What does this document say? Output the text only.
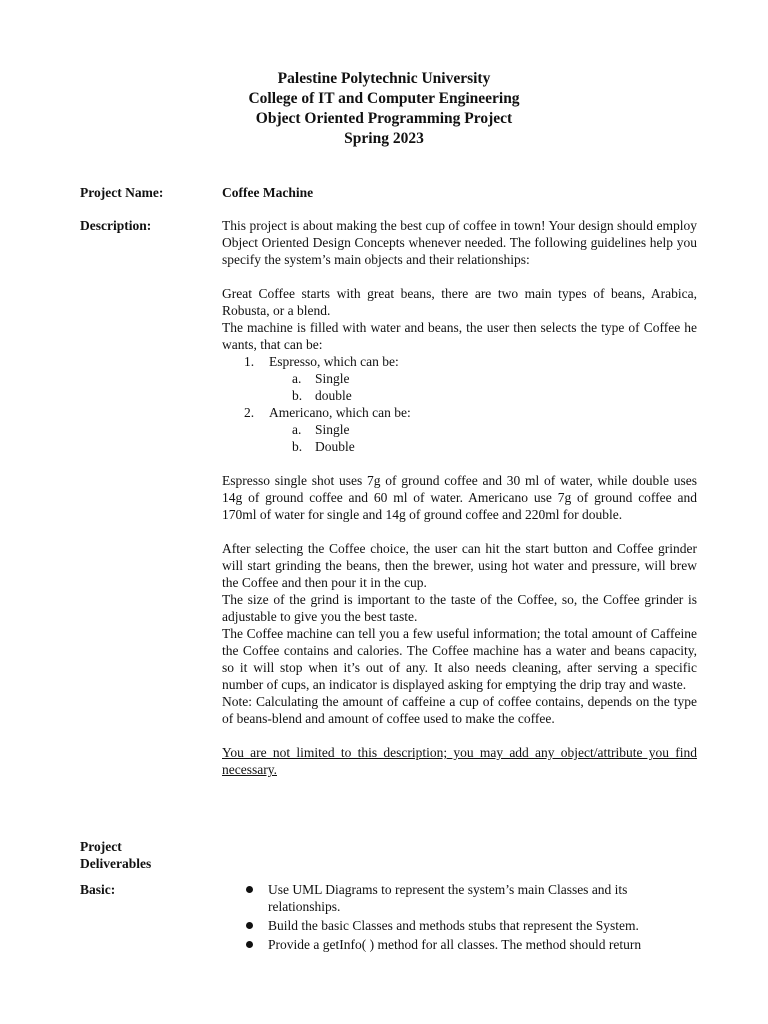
Palestine Polytechnic University
College of IT and Computer Engineering
Object Oriented Programming Project
Spring 2023
Project Name:	Coffee Machine
Description:	This project is about making the best cup of coffee in town! Your design should employ Object Oriented Design Concepts whenever needed. The following guidelines help you specify the system’s main objects and their relationships:

Great Coffee starts with great beans, there are two main types of beans, Arabica, Robusta, or a blend.

The machine is filled with water and beans, the user then selects the type of Coffee he wants, that can be:

1.	Espresso, which can be:
a. Single
b. double
2.	Americano, which can be:
a. Single
b. Double

Espresso single shot uses 7g of ground coffee and 30 ml of water, while double uses 14g of ground coffee and 60 ml of water. Americano use 7g of ground coffee and 170ml of water for single and 14g of ground coffee and 220ml for double.

After selecting the Coffee choice, the user can hit the start button and Coffee grinder will start grinding the beans, then the brewer, using hot water and pressure, will brew the Coffee and then pour it in the cup.

The size of the grind is important to the taste of the Coffee, so, the Coffee grinder is adjustable to give you the best taste.

The Coffee machine can tell you a few useful information; the total amount of Caffeine the Coffee contains and calories. The Coffee machine has a water and beans capacity, so it will stop when it’s out of any. It also needs cleaning, after serving a specific number of cups, an indicator is displayed asking for emptying the drip tray and waste.

Note: Calculating the amount of caffeine a cup of coffee contains, depends on the type of beans-blend and amount of coffee used to make the coffee.

You are not limited to this description; you may add any object/attribute you find necessary.

Project
Deliverables
Basic:	Use UML Diagrams to represent the system’s main Classes and its relationships.
Build the basic Classes and methods stubs that represent the System.
Provide a getInfo( ) method for all classes. The method should return
